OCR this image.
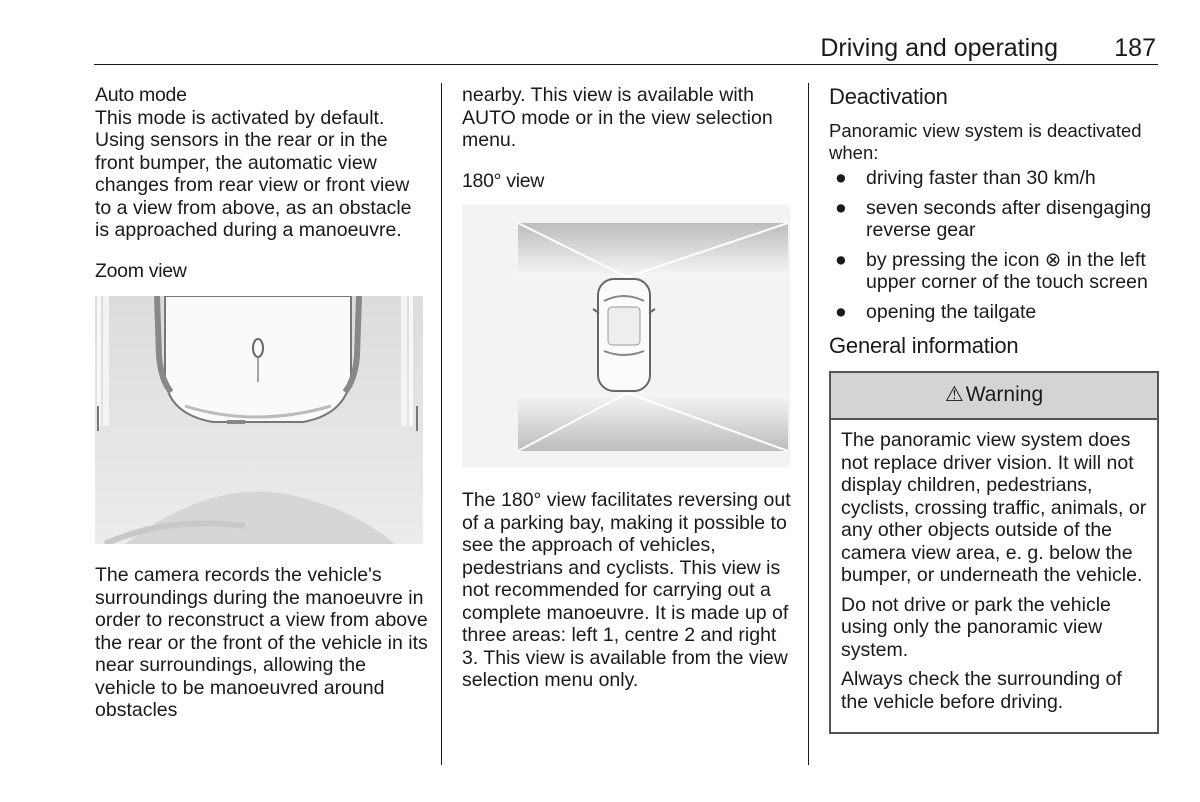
Driving and operating 187
Auto mode

This mode is activated by default. Using sensors in the rear or in the front bumper, the automatic view changes from rear view or front view to a view from above, as an obstacle is approached during a manoeuvre.

Zoom view

The camera records the vehicle's surroundings during the manoeuvre in order to reconstruct a view from above the rear or the front of the vehicle in its near surroundings, allowing the vehicle to be manoeuvred around obstacles

nearby. This view is available with AUTO mode or in the view selection menu.

180° view

The 180° view facilitates reversing out of a parking bay, making it possible to see the approach of vehicles, pedestrians and cyclists. This view is not recommended for carrying out a complete manoeuvre. It is made up of three areas: left 1, centre 2 and right 3. This view is available from the view selection menu only.

Deactivation

Panoramic view system is deactivated when:

● driving faster than 30 km/h
● seven seconds after disengaging reverse gear
● by pressing the icon ⊗ in the left upper corner of the touch screen
● opening the tailgate
General information
⚠ Warning

The panoramic view system does not replace driver vision. It will not display children, pedestrians, cyclists, crossing traffic, animals, or any other objects outside of the camera view area, e. g. below the bumper, or underneath the vehicle.

Do not drive or park the vehicle using only the panoramic view system.

Always check the surrounding of the vehicle before driving.
